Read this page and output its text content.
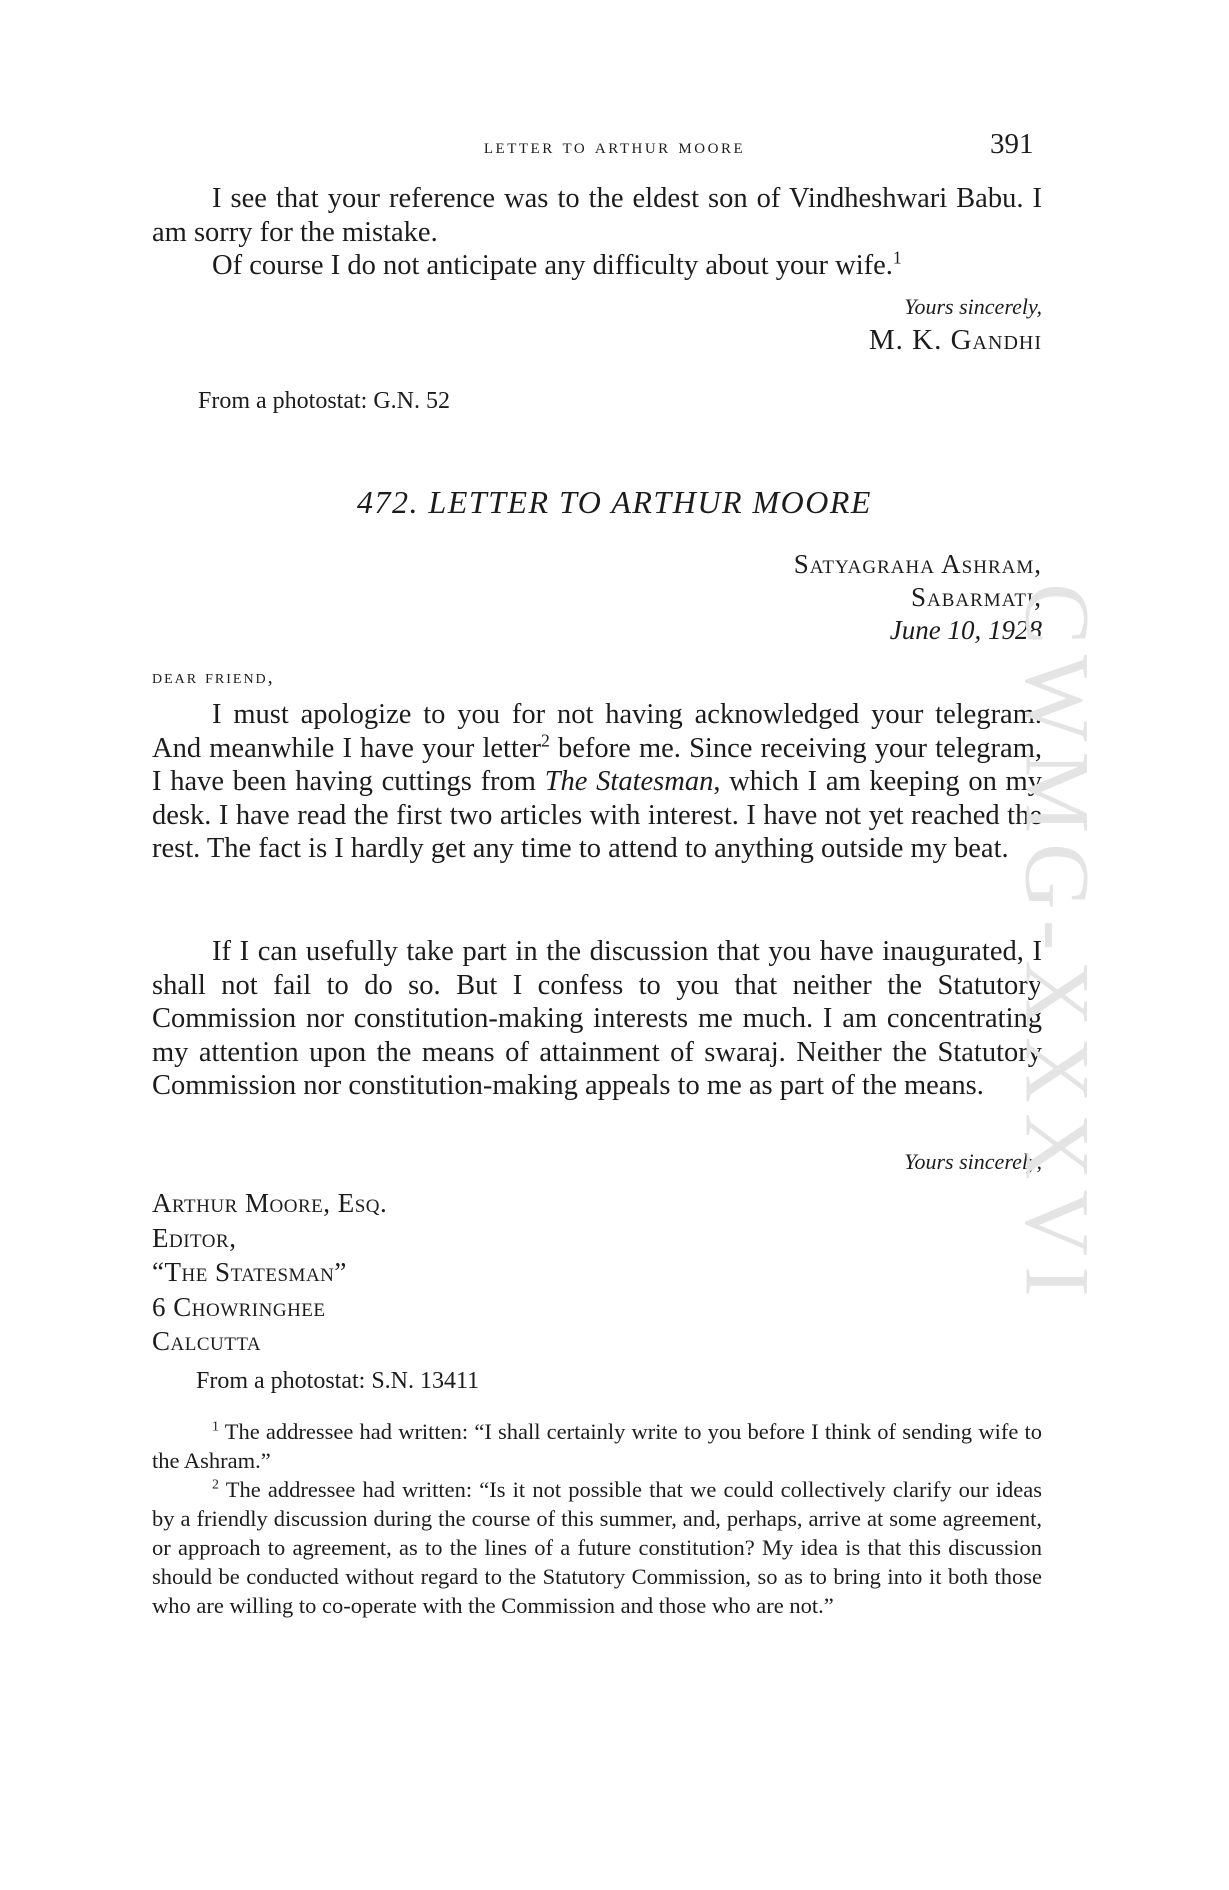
letter to arthur moore	391
I see that your reference was to the eldest son of Vindheshwari Babu. I am sorry for the mistake.
Of course I do not anticipate any difficulty about your wife.$^1$
Yours sincerely,
M. K. Gandhi
From a photostat: G.N. 52
472. LETTER TO ARTHUR MOORE
Satyagraha Ashram,
Sabarmati,
June 10, 1928
dear friend,
I must apologize to you for not having acknowledged your telegram. And meanwhile I have your letter$^2$ before me. Since receiving your telegram, I have been having cuttings from The Statesman, which I am keeping on my desk. I have read the first two articles with interest. I have not yet reached the rest. The fact is I hardly get any time to attend to anything outside my beat.
If I can usefully take part in the discussion that you have inaugurated, I shall not fail to do so. But I confess to you that neither the Statutory Commission nor constitution-making interests me much. I am concentrating my attention upon the means of attainment of swaraj. Neither the Statutory Commission nor constitution-making appeals to me as part of the means.
Yours sincerely,
Arthur Moore, Esq.
Editor,
“The Statesman”
6 Chowringhee
Calcutta
From a photostat: S.N. 13411
$^1$ The addressee had written: “I shall certainly write to you before I think of sending wife to the Ashram.”
$^2$ The addressee had written: “Is it not possible that we could collectively clarify our ideas by a friendly discussion during the course of this summer, and, perhaps, arrive at some agreement, or approach to agreement, as to the lines of a future constitution? My idea is that this discussion should be conducted without regard to the Statutory Commission, so as to bring into it both those who are willing to co-operate with the Commission and those who are not.”
CWMG-XXXVI
